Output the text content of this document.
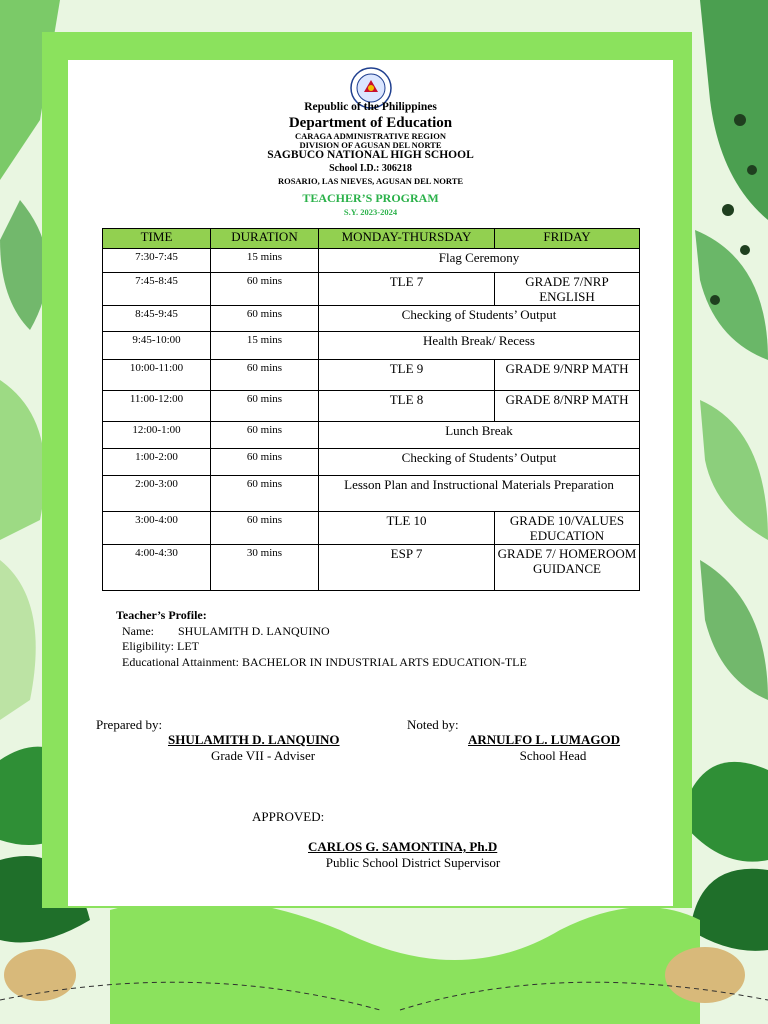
Republic of the Philippines
Department of Education
CARAGA ADMINISTRATIVE REGION
DIVISION OF AGUSAN DEL NORTE
SAGBUCO NATIONAL HIGH SCHOOL
School I.D.: 306218
ROSARIO, LAS NIEVES, AGUSAN DEL NORTE
TEACHER’S PROGRAM
S.Y. 2023-2024
TIME	DURATION	MONDAY-THURSDAY	FRIDAY
7:30-7:45	15 mins	Flag Ceremony	
7:45-8:45	60 mins	TLE 7	GRADE 7/NRP ENGLISH
8:45-9:45	60 mins	Checking of Students’ Output	
9:45-10:00	15 mins	Health Break/ Recess	
10:00-11:00	60 mins	TLE 9	GRADE 9/NRP MATH
11:00-12:00	60 mins	TLE 8	GRADE 8/NRP MATH
12:00-1:00	60 mins	Lunch Break	
1:00-2:00	60 mins	Checking of Students’ Output	
2:00-3:00	60 mins	Lesson Plan and Instructional Materials Preparation	
3:00-4:00	60 mins	TLE 10	GRADE 10/VALUES EDUCATION
4:00-4:30	30 mins	ESP 7	GRADE 7/ HOMEROOM GUIDANCE
Teacher’s Profile:
Name: SHULAMITH D. LANQUINO
Eligibility: LET
Educational Attainment: BACHELOR IN INDUSTRIAL ARTS EDUCATION-TLE
Prepared by:
SHULAMITH D. LANQUINO
Grade VII - Adviser
Noted by:
ARNULFO L. LUMAGOD
School Head
APPROVED:
CARLOS G. SAMONTINA, Ph.D
Public School District Supervisor
